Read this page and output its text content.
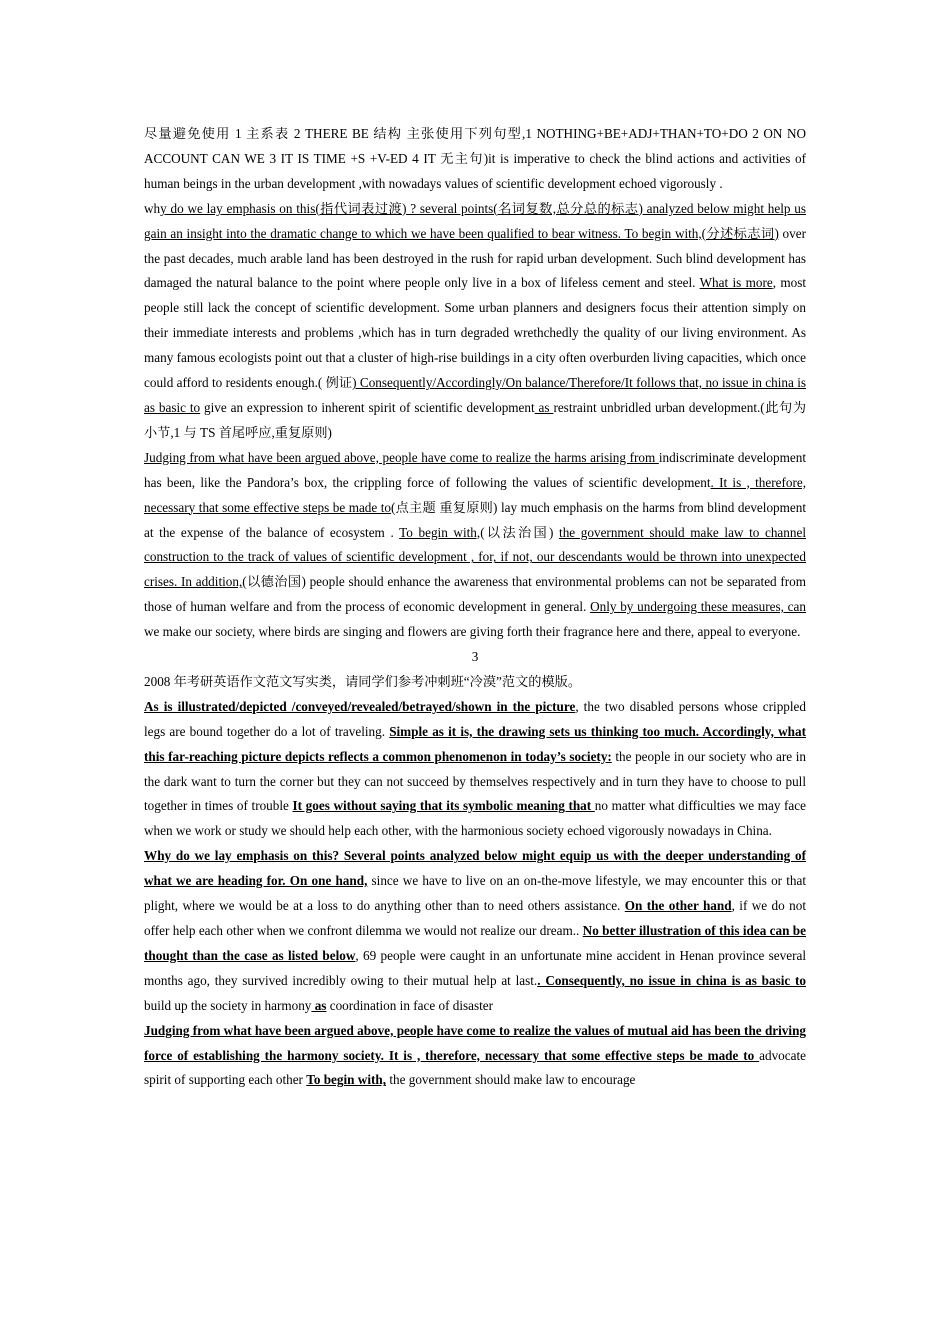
尽量避免使用 1 主系表 2 THERE BE 结构 主张使用下列句型,1 NOTHING+BE+ADJ+THAN+TO+DO 2 ON NO ACCOUNT CAN WE 3 IT IS TIME +S +V-ED 4 IT 无主句)it is imperative to check the blind actions and activities of human beings in the urban development ,with nowadays values of scientific development echoed vigorously .

why do we lay emphasis on this(指代词表过渡) ? several points(名词复数,总分总的标志) analyzed below might help us gain an insight into the dramatic change to which we have been qualified to bear witness. To begin with,(分述标志词) over the past decades, much arable land has been destroyed in the rush for rapid urban development. Such blind development has damaged the natural balance to the point where people only live in a box of lifeless cement and steel. What is more, most people still lack the concept of scientific development. Some urban planners and designers focus their attention simply on their immediate interests and problems ,which has in turn degraded wrethchedly the quality of our living environment. As many famous ecologists point out that a cluster of high-rise buildings in a city often overburden living capacities, which once could afford to residents enough.( 例证) Consequently/Accordingly/On balance/Therefore/It follows that, no issue in china is as basic to give an expression to inherent spirit of scientific development as restraint unbridled urban development.(此句为小节,1 与 TS 首尾呼应,重复原则)

Judging from what have been argued above, people have come to realize the harms arising from indiscriminate development has been, like the Pandora’s box, the crippling force of following the values of scientific development. It is , therefore, necessary that some effective steps be made to(点主题 重复原则) lay much emphasis on the harms from blind development at the expense of the balance of ecosystem . To begin with,(以法治国) the government should make law to channel construction to the track of values of scientific development , for, if not, our descendants would be thrown into unexpected crises. In addition,(以德治国) people should enhance the awareness that environmental problems can not be separated from those of human welfare and from the process of economic development in general. Only by undergoing these measures, can we make our society, where birds are singing and flowers are giving forth their fragrance here and there, appeal to everyone.

3

2008 年考研英语作文范文写实类，请同学们参考冲刺班“冷漠”范文的模版。

As is illustrated/depicted /conveyed/revealed/betrayed/shown in the picture, the two disabled persons whose crippled legs are bound together do a lot of traveling. Simple as it is, the drawing sets us thinking too much. Accordingly, what this far-reaching picture depicts reflects a common phenomenon in today’s society: the people in our society who are in the dark want to turn the corner but they can not succeed by themselves respectively and in turn they have to choose to pull together in times of trouble It goes without saying that its symbolic meaning that no matter what difficulties we may face when we work or study we should help each other, with the harmonious society echoed vigorously nowadays in China.

Why do we lay emphasis on this? Several points analyzed below might equip us with the deeper understanding of what we are heading for. On one hand, since we have to live on an on-the-move lifestyle, we may encounter this or that plight, where we would be at a loss to do anything other than to need others assistance. On the other hand, if we do not offer help each other when we confront dilemma we would not realize our dream.. No better illustration of this idea can be thought than the case as listed below, 69 people were caught in an unfortunate mine accident in Henan province several months ago, they survived incredibly owing to their mutual help at last.. Consequently, no issue in china is as basic to build up the society in harmony as coordination in face of disaster

Judging from what have been argued above, people have come to realize the values of mutual aid has been the driving force of establishing the harmony society. It is , therefore, necessary that some effective steps be made to advocate spirit of supporting each other To begin with, the government should make law to encourage
